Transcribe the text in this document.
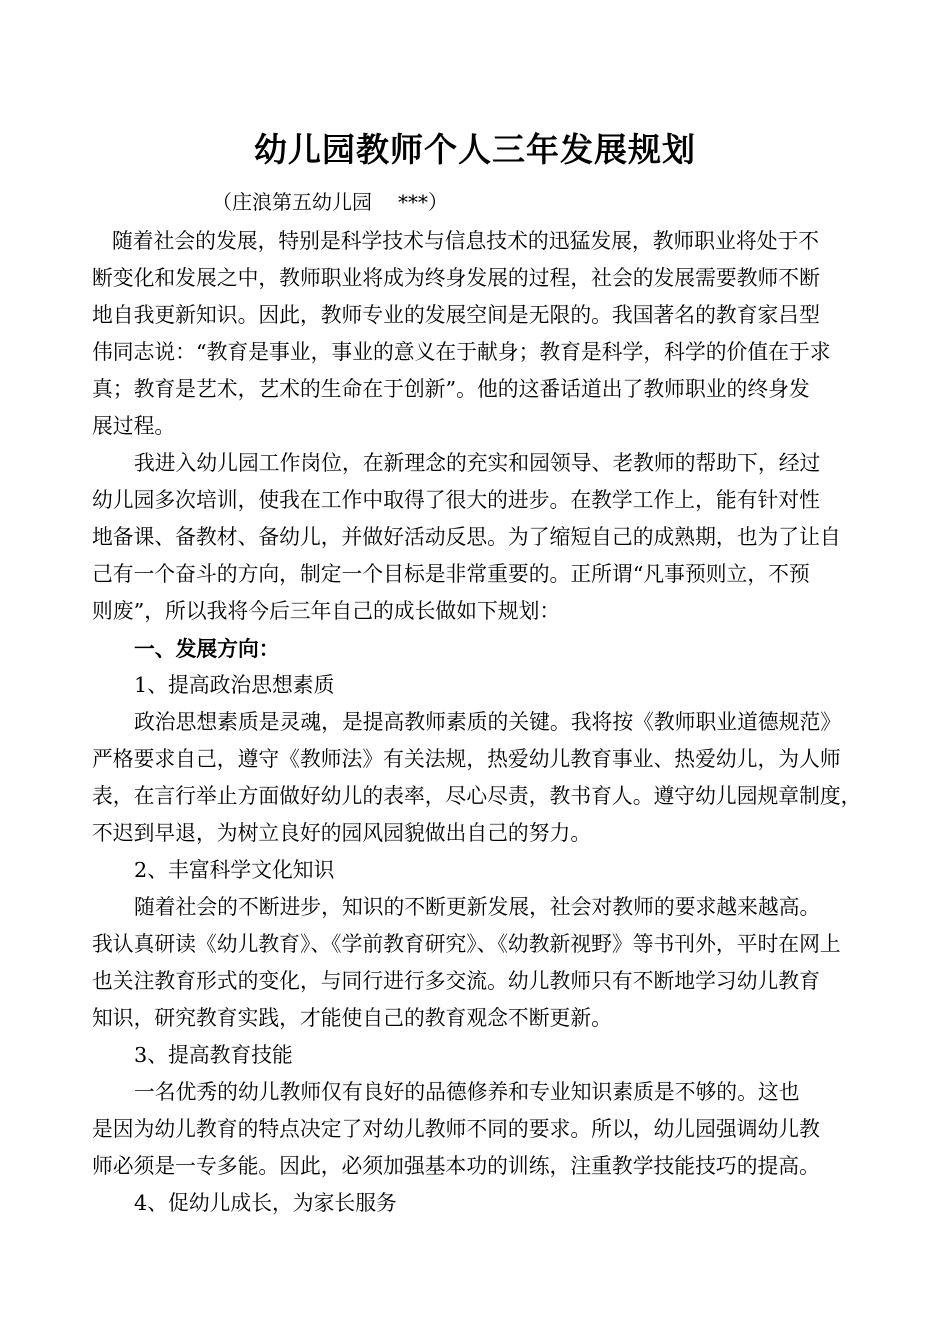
幼儿园教师个人三年发展规划
（庄浪第五幼儿园 ***）
随着社会的发展，特别是科学技术与信息技术的迅猛发展，教师职业将处于不
断变化和发展之中，教师职业将成为终身发展的过程，社会的发展需要教师不断
地自我更新知识。因此，教师专业的发展空间是无限的。我国著名的教育家吕型
伟同志说：“教育是事业，事业的意义在于献身；教育是科学，科学的价值在于求
真；教育是艺术，艺术的生命在于创新”。他的这番话道出了教师职业的终身发
展过程。
我进入幼儿园工作岗位，在新理念的充实和园领导、老教师的帮助下，经过
幼儿园多次培训，使我在工作中取得了很大的进步。在教学工作上，能有针对性
地备课、备教材、备幼儿，并做好活动反思。为了缩短自己的成熟期，也为了让自
己有一个奋斗的方向，制定一个目标是非常重要的。正所谓“凡事预则立，不预
则废”，所以我将今后三年自己的成长做如下规划：
一、发展方向：
1、提高政治思想素质
政治思想素质是灵魂，是提高教师素质的关键。我将按《教师职业道德规范》
严格要求自己，遵守《教师法》有关法规，热爱幼儿教育事业、热爱幼儿，为人师
表，在言行举止方面做好幼儿的表率，尽心尽责，教书育人。遵守幼儿园规章制度，
不迟到早退，为树立良好的园风园貌做出自己的努力。
2、丰富科学文化知识
随着社会的不断进步，知识的不断更新发展，社会对教师的要求越来越高。
我认真研读《幼儿教育》、《学前教育研究》、《幼教新视野》等书刊外，平时在网上
也关注教育形式的变化，与同行进行多交流。幼儿教师只有不断地学习幼儿教育
知识，研究教育实践，才能使自己的教育观念不断更新。
3、提高教育技能
一名优秀的幼儿教师仅有良好的品德修养和专业知识素质是不够的。这也
是因为幼儿教育的特点决定了对幼儿教师不同的要求。所以，幼儿园强调幼儿教
师必须是一专多能。因此，必须加强基本功的训练，注重教学技能技巧的提高。
4、促幼儿成长，为家长服务
